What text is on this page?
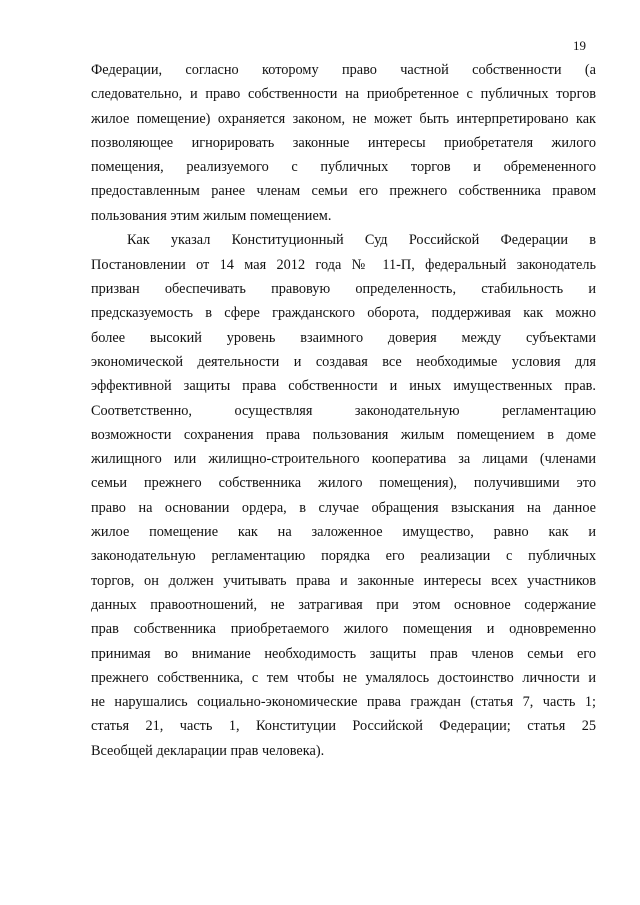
19
Федерации, согласно которому право частной собственности (а
следовательно, и право собственности на приобретенное с публичных торгов
жилое помещение) охраняется законом, не может быть интерпретировано как
позволяющее игнорировать законные интересы приобретателя жилого
помещения, реализуемого с публичных торгов и обремененного
предоставленным ранее членам семьи его прежнего собственника правом
пользования этим жилым помещением.
Как указал Конституционный Суд Российской Федерации в
Постановлении от 14 мая 2012 года № 11-П, федеральный законодатель
призван обеспечивать правовую определенность, стабильность и
предсказуемость в сфере гражданского оборота, поддерживая как можно
более высокий уровень взаимного доверия между субъектами
экономической деятельности и создавая все необходимые условия для
эффективной защиты права собственности и иных имущественных прав.
Соответственно, осуществляя законодательную регламентацию
возможности сохранения права пользования жилым помещением в доме
жилищного или жилищно-строительного кооператива за лицами (членами
семьи прежнего собственника жилого помещения), получившими это
право на основании ордера, в случае обращения взыскания на данное
жилое помещение как на заложенное имущество, равно как и
законодательную регламентацию порядка его реализации с публичных
торгов, он должен учитывать права и законные интересы всех участников
данных правоотношений, не затрагивая при этом основное содержание
прав собственника приобретаемого жилого помещения и одновременно
принимая во внимание необходимость защиты прав членов семьи его
прежнего собственника, с тем чтобы не умалялось достоинство личности и
не нарушались социально-экономические права граждан (статья 7, часть 1;
статья 21, часть 1, Конституции Российской Федерации; статья 25
Всеобщей декларации прав человека).
